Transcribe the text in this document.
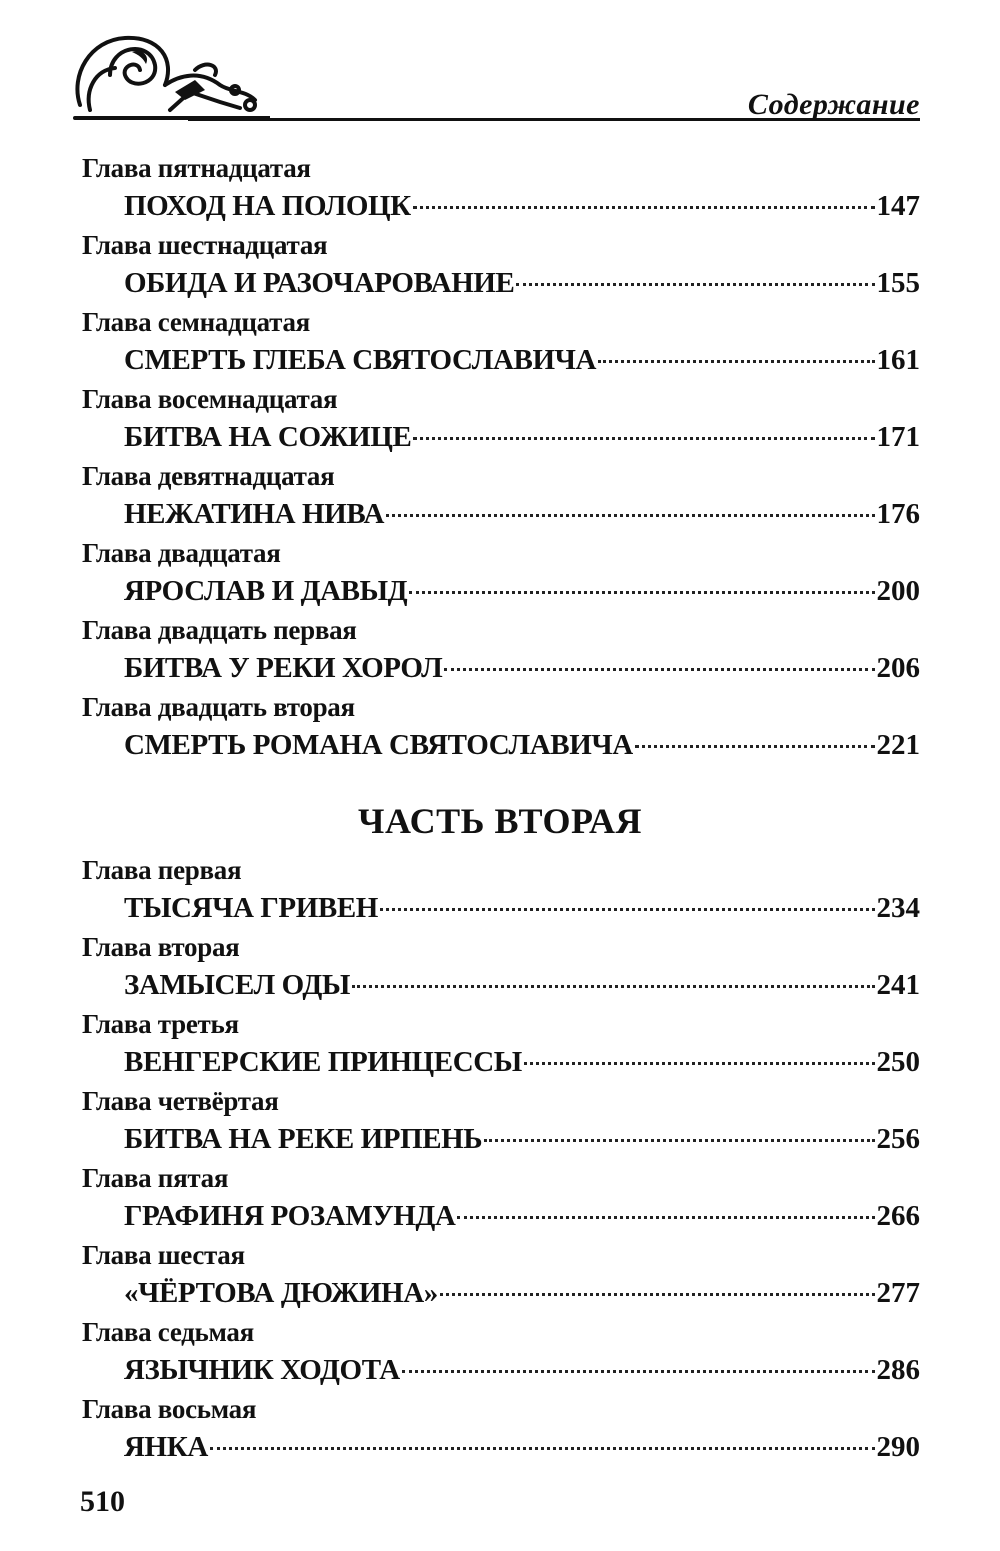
Содержание
Глава пятнадцатая
ПОХОД НА ПОЛОЦК	147
Глава шестнадцатая
ОБИДА И РАЗОЧАРОВАНИЕ	155
Глава семнадцатая
СМЕРТЬ ГЛЕБА СВЯТОСЛАВИЧА	161
Глава восемнадцатая
БИТВА НА СОЖИЦЕ	171
Глава девятнадцатая
НЕЖАТИНА НИВА	176
Глава двадцатая
ЯРОСЛАВ И ДАВЫД	200
Глава двадцать первая
БИТВА У РЕКИ ХОРОЛ	206
Глава двадцать вторая
СМЕРТЬ РОМАНА СВЯТОСЛАВИЧА	221
ЧАСТЬ ВТОРАЯ
Глава первая
ТЫСЯЧА ГРИВЕН	234
Глава вторая
ЗАМЫСЕЛ ОДЫ	241
Глава третья
ВЕНГЕРСКИЕ ПРИНЦЕССЫ	250
Глава четвёртая
БИТВА НА РЕКЕ ИРПЕНЬ	256
Глава пятая
ГРАФИНЯ РОЗАМУНДА	266
Глава шестая
«ЧЁРТОВА ДЮЖИНА»	277
Глава седьмая
ЯЗЫЧНИК ХОДОТА	286
Глава восьмая
ЯНКА	290
510
